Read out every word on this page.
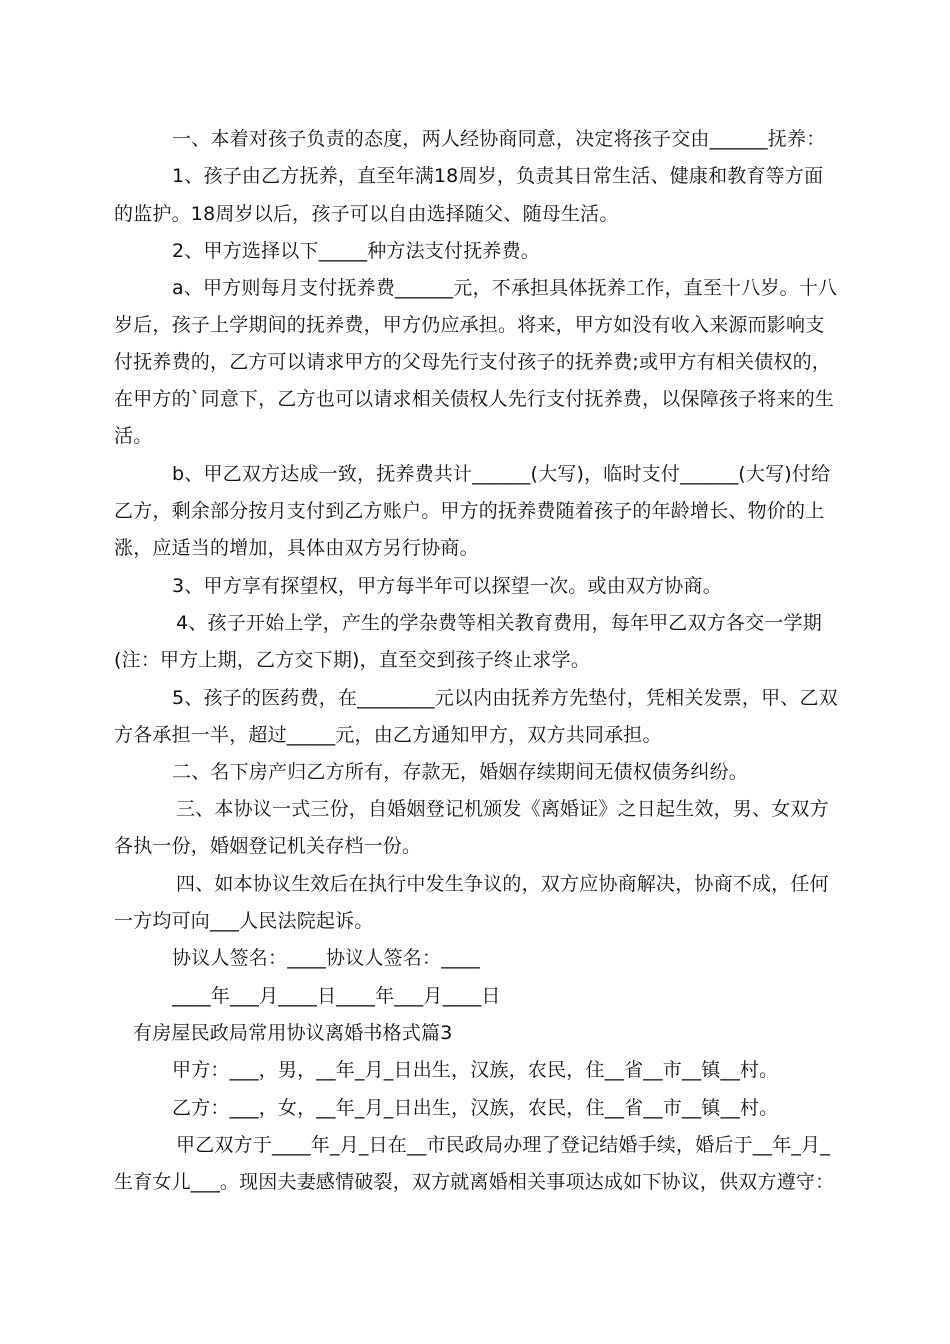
一、本着对孩子负责的态度，两人经协商同意，决定将孩子交由______抚养：
1、孩子由乙方抚养，直至年满18周岁，负责其日常生活、健康和教育等方面
的监护。18周岁以后，孩子可以自由选择随父、随母生活。
2、甲方选择以下_____种方法支付抚养费。
a、甲方则每月支付抚养费______元，不承担具体抚养工作，直至十八岁。十八
岁后，孩子上学期间的抚养费，甲方仍应承担。将来，甲方如没有收入来源而影响支
付抚养费的，乙方可以请求甲方的父母先行支付孩子的抚养费;或甲方有相关债权的，
在甲方的`同意下，乙方也可以请求相关债权人先行支付抚养费，以保障孩子将来的生
活。
b、甲乙双方达成一致，抚养费共计______(大写)，临时支付______(大写)付给
乙方，剩余部分按月支付到乙方账户。甲方的抚养费随着孩子的年龄增长、物价的上
涨，应适当的增加，具体由双方另行协商。
3、甲方享有探望权，甲方每半年可以探望一次。或由双方协商。
4、孩子开始上学，产生的学杂费等相关教育费用，每年甲乙双方各交一学期
(注：甲方上期，乙方交下期)，直至交到孩子终止求学。
5、孩子的医药费，在________元以内由抚养方先垫付，凭相关发票，甲、乙双
方各承担一半，超过_____元，由乙方通知甲方，双方共同承担。
二、名下房产归乙方所有，存款无，婚姻存续期间无债权债务纠纷。
三、本协议一式三份，自婚姻登记机颁发《离婚证》之日起生效，男、女双方
各执一份，婚姻登记机关存档一份。
四、如本协议生效后在执行中发生争议的，双方应协商解决，协商不成，任何
一方均可向___人民法院起诉。
协议人签名：____协议人签名：____
____年___月____日____年___月____日
有房屋民政局常用协议离婚书格式篇3
甲方：___，男，__年_月_日出生，汉族，农民，住__省__市__镇__村。
乙方：___，女，__年_月_日出生，汉族，农民，住__省__市__镇__村。
甲乙双方于____年_月_日在__市民政局办理了登记结婚手续，婚后于__年_月_
生育女儿___。现因夫妻感情破裂，双方就离婚相关事项达成如下协议，供双方遵守：
